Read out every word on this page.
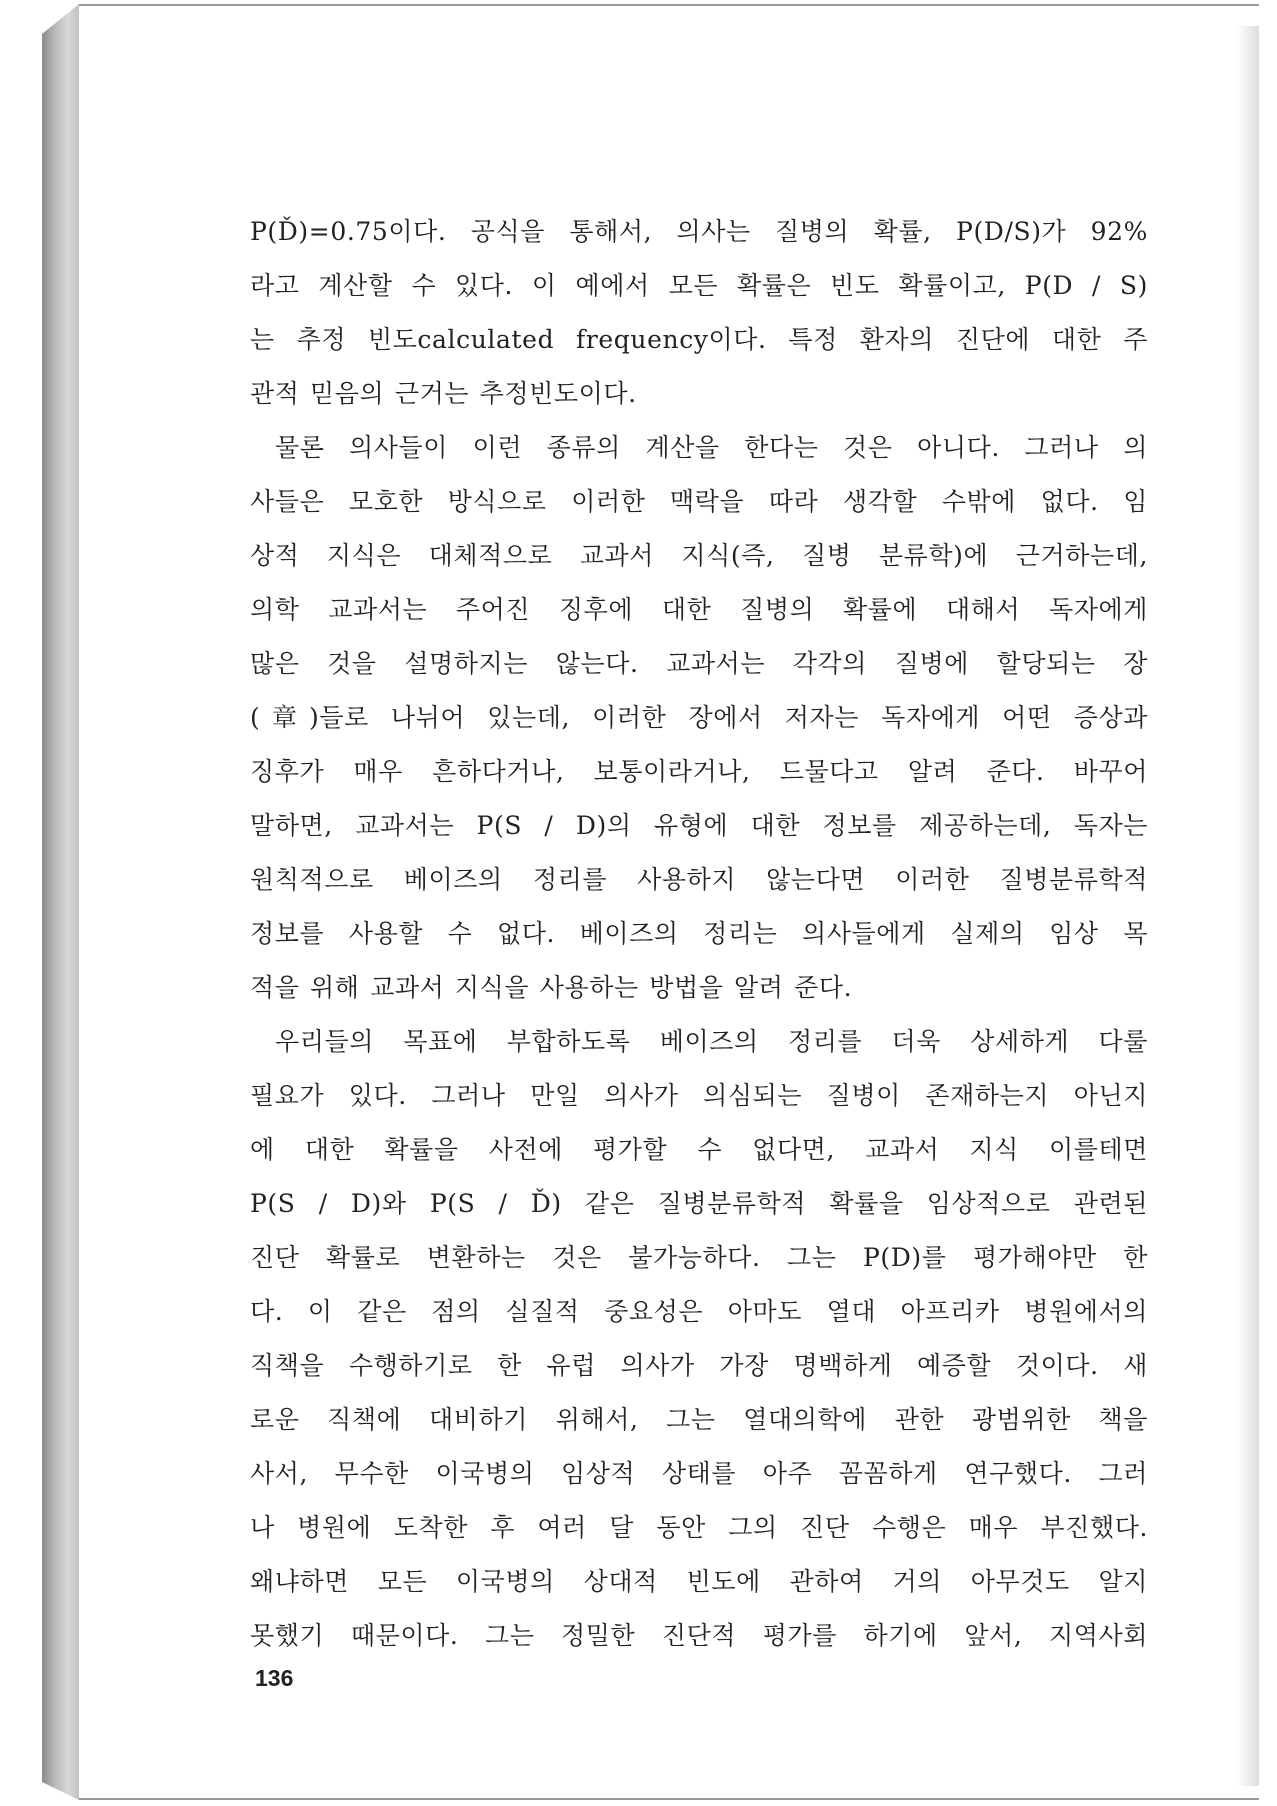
P(Ď)=0.75이다. 공식을 통해서, 의사는 질병의 확률, P(D/S)가 92%
라고 계산할 수 있다. 이 예에서 모든 확률은 빈도 확률이고, P(D / S)
는 추정 빈도calculated frequency이다. 특정 환자의 진단에 대한 주
관적 믿음의 근거는 추정빈도이다.

물론 의사들이 이런 종류의 계산을 한다는 것은 아니다. 그러나 의
사들은 모호한 방식으로 이러한 맥락을 따라 생각할 수밖에 없다. 임
상적 지식은 대체적으로 교과서 지식(즉, 질병 분류학)에 근거하는데,
의학 교과서는 주어진 징후에 대한 질병의 확률에 대해서 독자에게
많은 것을 설명하지는 않는다. 교과서는 각각의 질병에 할당되는 장
(章)들로 나뉘어 있는데, 이러한 장에서 저자는 독자에게 어떤 증상과
징후가 매우 흔하다거나, 보통이라거나, 드물다고 알려 준다. 바꾸어
말하면, 교과서는 P(S / D)의 유형에 대한 정보를 제공하는데, 독자는
원칙적으로 베이즈의 정리를 사용하지 않는다면 이러한 질병분류학적
정보를 사용할 수 없다. 베이즈의 정리는 의사들에게 실제의 임상 목
적을 위해 교과서 지식을 사용하는 방법을 알려 준다.

우리들의 목표에 부합하도록 베이즈의 정리를 더욱 상세하게 다룰
필요가 있다. 그러나 만일 의사가 의심되는 질병이 존재하는지 아닌지
에 대한 확률을 사전에 평가할 수 없다면, 교과서 지식 이를테면
P(S / D)와 P(S / Ď) 같은 질병분류학적 확률을 임상적으로 관련된
진단 확률로 변환하는 것은 불가능하다. 그는 P(D)를 평가해야만 한
다. 이 같은 점의 실질적 중요성은 아마도 열대 아프리카 병원에서의
직책을 수행하기로 한 유럽 의사가 가장 명백하게 예증할 것이다. 새
로운 직책에 대비하기 위해서, 그는 열대의학에 관한 광범위한 책을
사서, 무수한 이국병의 임상적 상태를 아주 꼼꼼하게 연구했다. 그러
나 병원에 도착한 후 여러 달 동안 그의 진단 수행은 매우 부진했다.
왜냐하면 모든 이국병의 상대적 빈도에 관하여 거의 아무것도 알지
못했기 때문이다. 그는 정밀한 진단적 평가를 하기에 앞서, 지역사회

136
